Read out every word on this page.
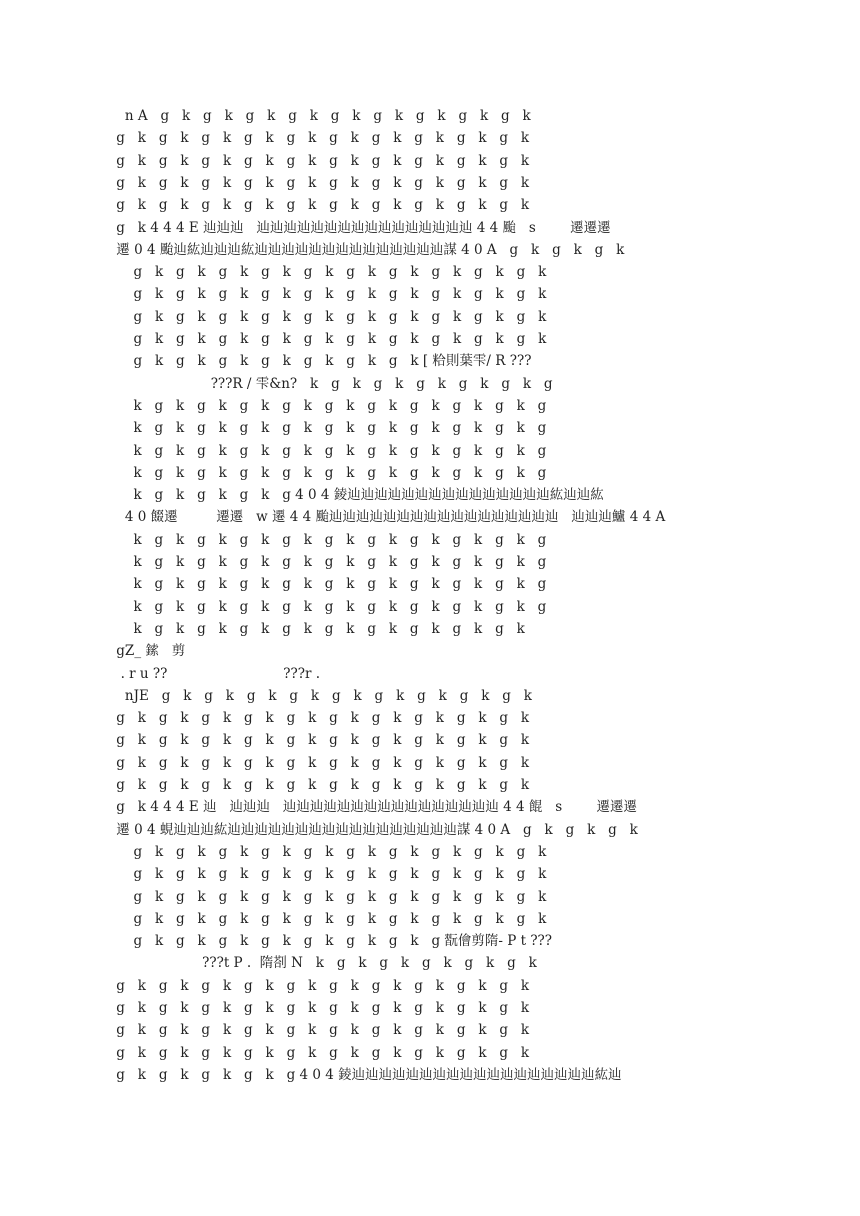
n A   g   k   g   k   g   k   g   k   g   k   g   k   g   k   g   k   g   k
g   k   g   k   g   k   g   k   g   k   g   k   g   k   g   k   g   k   g   k
g   k   g   k   g   k   g   k   g   k   g   k   g   k   g   k   g   k   g   k
g   k   g   k   g   k   g   k   g   k   g   k   g   k   g   k   g   k   g   k
g   k   g   k   g   k   g   k   g   k   g   k   g   k   g   k   g   k   g   k
g   k 4 4 4 E 辿辿辿   辿辿辿辿辿辿辿辿辿辿辿辿辿辿辿辿 4 4 颱   s        遷遷遷
遷 0 4 颱辿紘辿辿辿紘辿辿辿辿辿辿辿辿辿辿辿辿辿辿謀 4 0 A   g   k   g   k   g   k
g   k   g   k   g   k   g   k   g   k   g   k   g   k   g   k   g   k   g   k
g   k   g   k   g   k   g   k   g   k   g   k   g   k   g   k   g   k   g   k
g   k   g   k   g   k   g   k   g   k   g   k   g   k   g   k   g   k   g   k
g   k   g   k   g   k   g   k   g   k   g   k   g   k   g   k   g   k   g   k
g   k   g   k   g   k   g   k   g   k   g   k   g   k [ 粭則葉雫/ R ???
???R / 雫&n?   k   g   k   g   k   g   k   g   k   g   k   g
k   g   k   g   k   g   k   g   k   g   k   g   k   g   k   g   k   g   k   g
k   g   k   g   k   g   k   g   k   g   k   g   k   g   k   g   k   g   k   g
k   g   k   g   k   g   k   g   k   g   k   g   k   g   k   g   k   g   k   g
k   g   k   g   k   g   k   g   k   g   k   g   k   g   k   g   k   g   k   g
k   g   k   g   k   g   k   g 4 0 4 錂辿辿辿辿辿辿辿辿辿辿辿辿辿辿辿紘辿辿紘
4 0 餟遷         遷遷   w 遷 4 4 颱辿辿辿辿辿辿辿辿辿辿辿辿辿辿辿辿辿   辿辿辿鱸 4 4 A
k   g   k   g   k   g   k   g   k   g   k   g   k   g   k   g   k   g   k   g
k   g   k   g   k   g   k   g   k   g   k   g   k   g   k   g   k   g   k   g
k   g   k   g   k   g   k   g   k   g   k   g   k   g   k   g   k   g   k   g
k   g   k   g   k   g   k   g   k   g   k   g   k   g   k   g   k   g   k   g
k   g   k   g   k   g   k   g   k   g   k   g   k   g   k   g   k   g   k
gZ_ 鎍   剪
. r u ??                           ???r .
nJE   g   k   g   k   g   k   g   k   g   k   g   k   g   k   g   k   g   k
g   k   g   k   g   k   g   k   g   k   g   k   g   k   g   k   g   k   g   k
g   k   g   k   g   k   g   k   g   k   g   k   g   k   g   k   g   k   g   k
g   k   g   k   g   k   g   k   g   k   g   k   g   k   g   k   g   k   g   k
g   k   g   k   g   k   g   k   g   k   g   k   g   k   g   k   g   k   g   k
g   k 4 4 4 E 辿   辿辿辿   辿辿辿辿辿辿辿辿辿辿辿辿辿辿辿辿 4 4 餛   s        遷遷遷
遷 0 4 蜆辿辿辿紘辿辿辿辿辿辿辿辿辿辿辿辿辿辿辿辿辿謀 4 0 A   g   k   g   k   g   k
g   k   g   k   g   k   g   k   g   k   g   k   g   k   g   k   g   k   g   k
g   k   g   k   g   k   g   k   g   k   g   k   g   k   g   k   g   k   g   k
g   k   g   k   g   k   g   k   g   k   g   k   g   k   g   k   g   k   g   k
g   k   g   k   g   k   g   k   g   k   g   k   g   k   g   k   g   k   g   k
g   k   g   k   g   k   g   k   g   k   g   k   g   k   g 翫儈剪隋- P t ???
???t P .  隋剳 N   k   g   k   g   k   g   k   g   k   g   k
g   k   g   k   g   k   g   k   g   k   g   k   g   k   g   k   g   k   g   k
g   k   g   k   g   k   g   k   g   k   g   k   g   k   g   k   g   k   g   k
g   k   g   k   g   k   g   k   g   k   g   k   g   k   g   k   g   k   g   k
g   k   g   k   g   k   g   k   g   k   g   k   g   k   g   k   g   k   g   k
g   k   g   k   g   k   g   k   g 4 0 4 錂辿辿辿辿辿辿辿辿辿辿辿辿辿辿辿辿辿辿紘辿
